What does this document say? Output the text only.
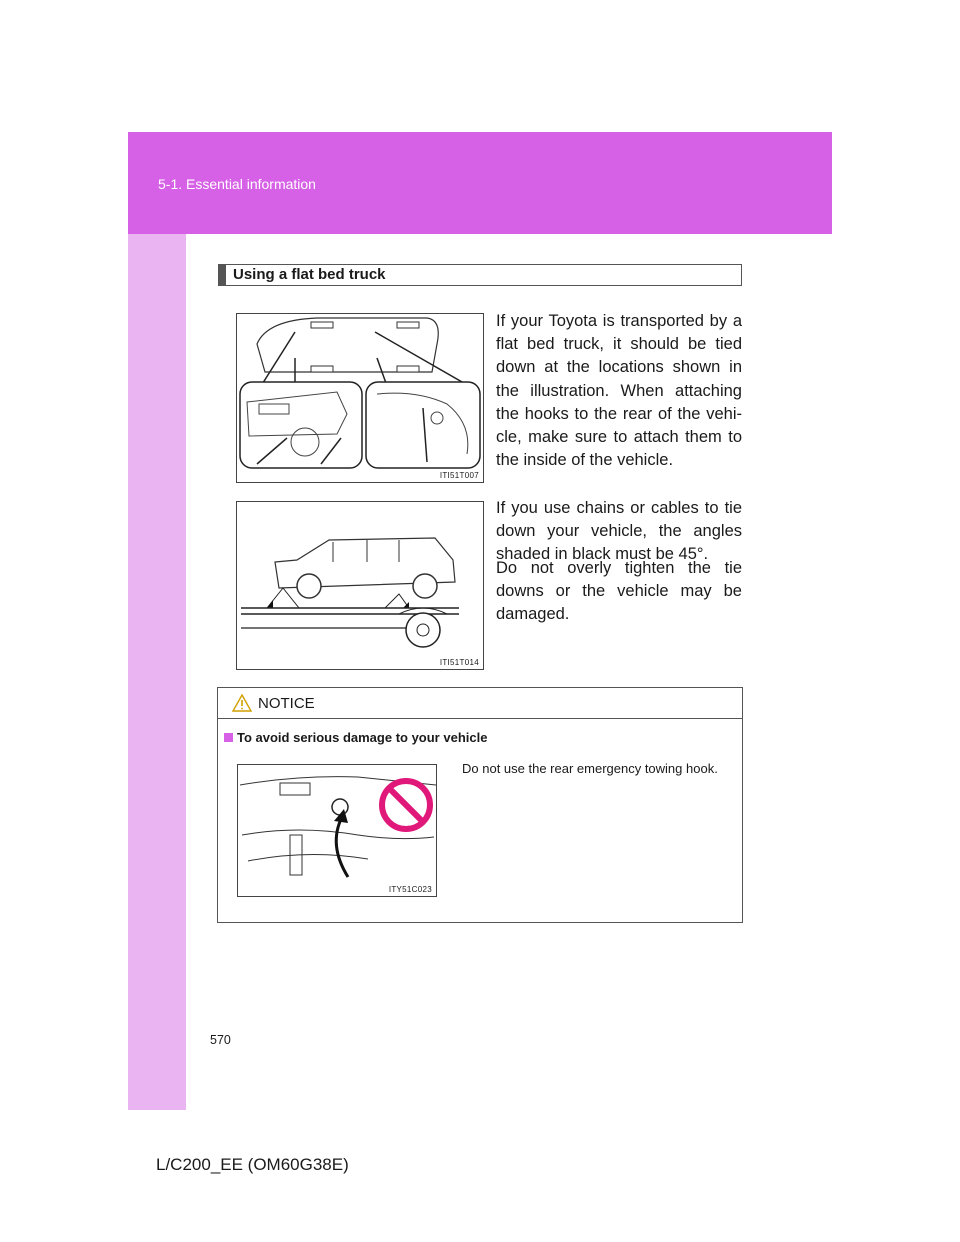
5-1. Essential information
Using a flat bed truck
ITI51T007
If your Toyota is transported by a flat bed truck, it should be tied down at the locations shown in the illustration. When attaching the hooks to the rear of the vehi-cle, make sure to attach them to the inside of the vehicle.
ITI51T014
If you use chains or cables to tie down your vehicle, the angles shaded in black must be 45°.
Do not overly tighten the tie downs or the vehicle may be damaged.
NOTICE
To avoid serious damage to your vehicle
ITY51C023
Do not use the rear emergency towing hook.
570
L/C200_EE (OM60G38E)
